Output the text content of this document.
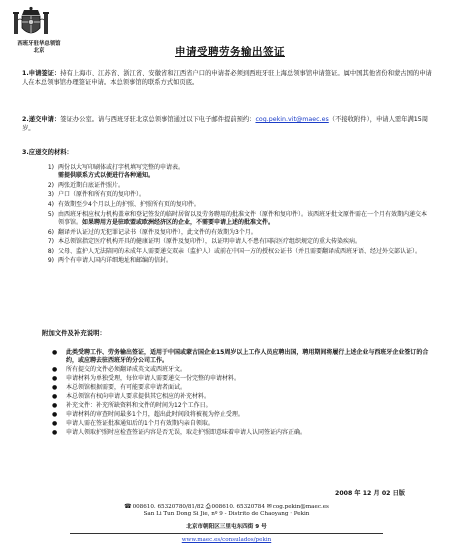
西班牙驻华总领馆
北京	申请受聘劳务输出签证
1.申请签证：持有上海市、江苏省、浙江省、安徽省和江西省户口的申请者必须到西班牙驻上海总领事馆申请签证。属中国其他省份和蒙古国的申请人在本总领事馆办理签证申请。本总领事馆的联系方式如页底。
2.递交申请：签证办公室。请与西班牙驻北京总领事馆通过以下电子邮件提前预约：cog.pekin.vit@maec.es（不接收附件），申请人需年满15周岁。
3.应递交的材料：
1) 两份以大写印刷体或打字机填写完整的申请表。
需提供联系方式以便进行各种通知。
2) 两张近期白底证件照片。
3) 户口（原件和所有页的复印件）。
4) 有效期至少4个月以上的护照、护照所有页的复印件。
5) 由西班牙相应权力机构盖章和登记签发的临时居留以及劳务聘用的批准文件（原件和复印件）。该西班牙批文原件需在一个月有效期内递交本领事馆。如果聘用方是驻欧盟或欧洲经济区的企业，不需要申请上述的批准文件。
6) 翻译并认证过的无犯罪记录书（原件及复印件），此文件的有效期为3个月。
7) 本总领馆指定医疗机构开具的健康证明（原件及复印件），以证明申请人不患有国际医疗组织规定的重大传染疾病。
8) 父母、监护人无法陪同的未成年人需要递交双亲（监护人）或前在中国一方的授权公证书（并且需要翻译成西班牙语、经过外交部认证）。
9) 两个有申请人国内详细地址和邮编的信封。
附加文件及补充说明：
● 此类受聘工作、劳务输出签证，适用于中国或蒙古国企业15周岁以上工作人员应聘出国，聘用期间将履行上述企业与西班牙企业签订的合约，或应聘去驻西班牙的分公司工作。
● 所有提交的文件必须翻译成英文或西班牙文。
● 申请材料为单独受理，每位申请人需要递交一份完整的申请材料。
● 本总领馆根据需要，有可能要求申请者面试。
● 本总领馆有权向申请人要求提供其它相应的补充材料。
● 补充文件：补充所缺资料和文件的时间为12个工作日。
● 申请材料的审查时间最多1个月，超出此时间段将被视为停止受理。
● 申请人需在签证批准通知后的1个月有效期内亲自领取。
● 申请人领取护照时应检查签证内容是否无误，取走护照即意味着申请人认同签证内容正确。
2008 年 12 月 02 日版
☎008610. 65320780/81/82 ⎙008610. 65320784 ✉cog.pekin@maec.es
San Li Tun Dong Si Jie, nº 9 - Distrito de Chaoyang · Pekin
北京市朝阳区三里屯东四街 9 号
www.maec.es/consulados/pekin
